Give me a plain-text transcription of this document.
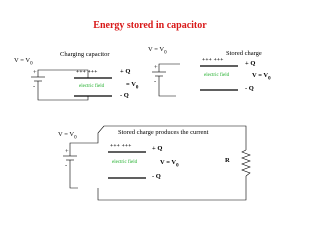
Energy stored in capacitor
$V = V_0$
Charging capacitor
+++ +++
electric field
- - - - - -
+ Q
- Q
= $V_0$
+
-
$V = V_0$	Stored charge
+++ +++
electric field
- - - - - -
+ Q
- Q
$V = V_0$
+
-
$V = V_0$
Stored charge produces the current
+++ +++
electric field
- - - - - -
+ Q
- Q
$V = V_0$
R
+
-
